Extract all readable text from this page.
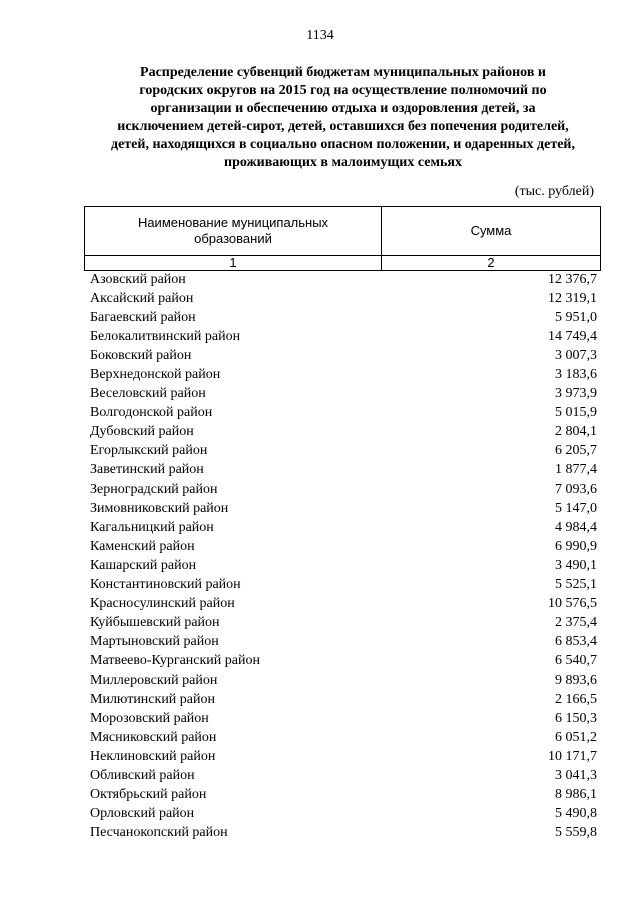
1134
Распределение субвенций бюджетам муниципальных районов и
городских округов на 2015 год на осуществление полномочий по
организации и обеспечению отдыха и оздоровления детей, за
исключением детей-сирот, детей, оставшихся без попечения родителей,
детей, находящихся в социально опасном положении, и одаренных детей,
проживающих в малоимущих семьях
(тыс. рублей)
Наименование муниципальных
образований	Сумма
1	2
Азовский район	12 376,7
Аксайский район	12 319,1
Багаевский район	5 951,0
Белокалитвинский район	14 749,4
Боковский район	3 007,3
Верхнедонской район	3 183,6
Веселовский район	3 973,9
Волгодонской район	5 015,9
Дубовский район	2 804,1
Егорлыкский район	6 205,7
Заветинский район	1 877,4
Зерноградский район	7 093,6
Зимовниковский район	5 147,0
Кагальницкий район	4 984,4
Каменский район	6 990,9
Кашарский район	3 490,1
Константиновский район	5 525,1
Красносулинский район	10 576,5
Куйбышевский район	2 375,4
Мартыновский район	6 853,4
Матвеево-Курганский район	6 540,7
Миллеровский район	9 893,6
Милютинский район	2 166,5
Морозовский район	6 150,3
Мясниковский район	6 051,2
Неклиновский район	10 171,7
Обливский район	3 041,3
Октябрьский район	8 986,1
Орловский район	5 490,8
Песчанокопский район	5 559,8
